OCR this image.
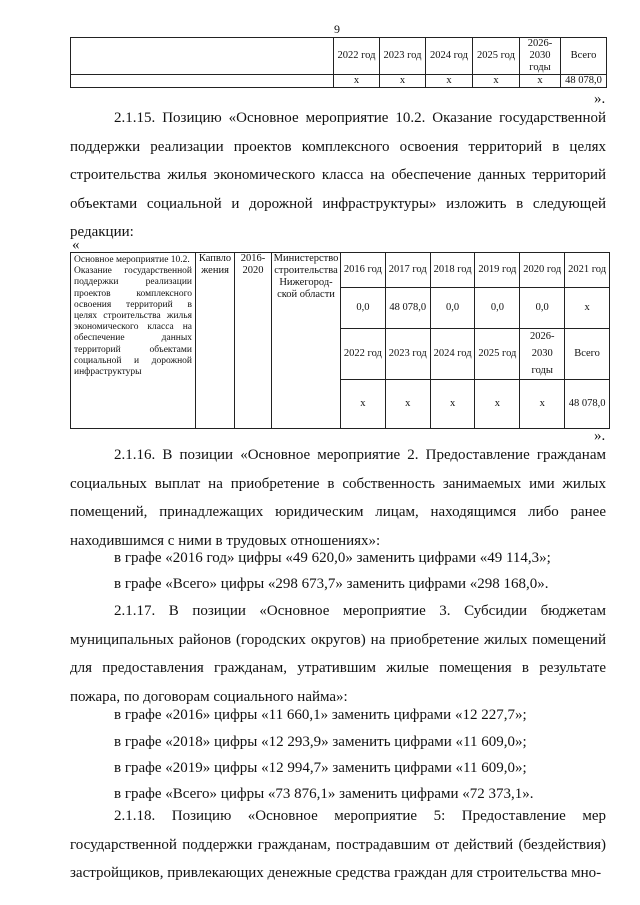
9
	2022 год	2023 год	2024 год	2025 год	2026-
2030
годы	Всего
	х	х	х	х	х	48 078,0
».
2.1.15. Позицию «Основное мероприятие 10.2. Оказание государственной поддержки реализации проектов комплексного освоения территорий в целях строительства жилья экономического класса на обеспечение данных территорий объектами социальной и дорожной инфраструктуры» изложить в следующей редакции:
«
Основное мероприятие 10.2.
Оказание государственной поддержки реализации проектов комплексного освоения территорий в целях строительства жилья экономического класса на обеспечение данных территорий объектами социальной и дорожной инфраструктуры	Капвло
жения	2016-
2020	Министерство строительства Нижегород-ской области	2016 год	2017 год	2018 год	2019 год	2020 год	2021 год
				0,0	48 078,0	0,0	0,0	0,0	х
				2022 год	2023 год	2024 год	2025 год	2026-
2030
годы	Всего
				х	х	х	х	х	48 078,0
».
2.1.16. В позиции «Основное мероприятие 2. Предоставление гражданам социальных выплат на приобретение в собственность занимаемых ими жилых помещений, принадлежащих юридическим лицам, находящимся либо ранее находившимся с ними в трудовых отношениях»:
в графе «2016 год» цифры «49 620,0» заменить цифрами «49 114,3»;
в графе «Всего» цифры «298 673,7» заменить цифрами «298 168,0».
2.1.17. В позиции «Основное мероприятие 3. Субсидии бюджетам муниципальных районов (городских округов) на приобретение жилых помещений для предоставления гражданам, утратившим жилые помещения в результате пожара, по договорам социального найма»:
в графе «2016» цифры «11 660,1» заменить цифрами «12 227,7»;
в графе «2018» цифры «12 293,9» заменить цифрами «11 609,0»;
в графе «2019» цифры «12 994,7» заменить цифрами «11 609,0»;
в графе «Всего» цифры «73 876,1» заменить цифрами «72 373,1».
2.1.18. Позицию «Основное мероприятие 5: Предоставление мер государственной поддержки гражданам, пострадавшим от действий (бездействия) застройщиков, привлекающих денежные средства граждан для строительства мно-
